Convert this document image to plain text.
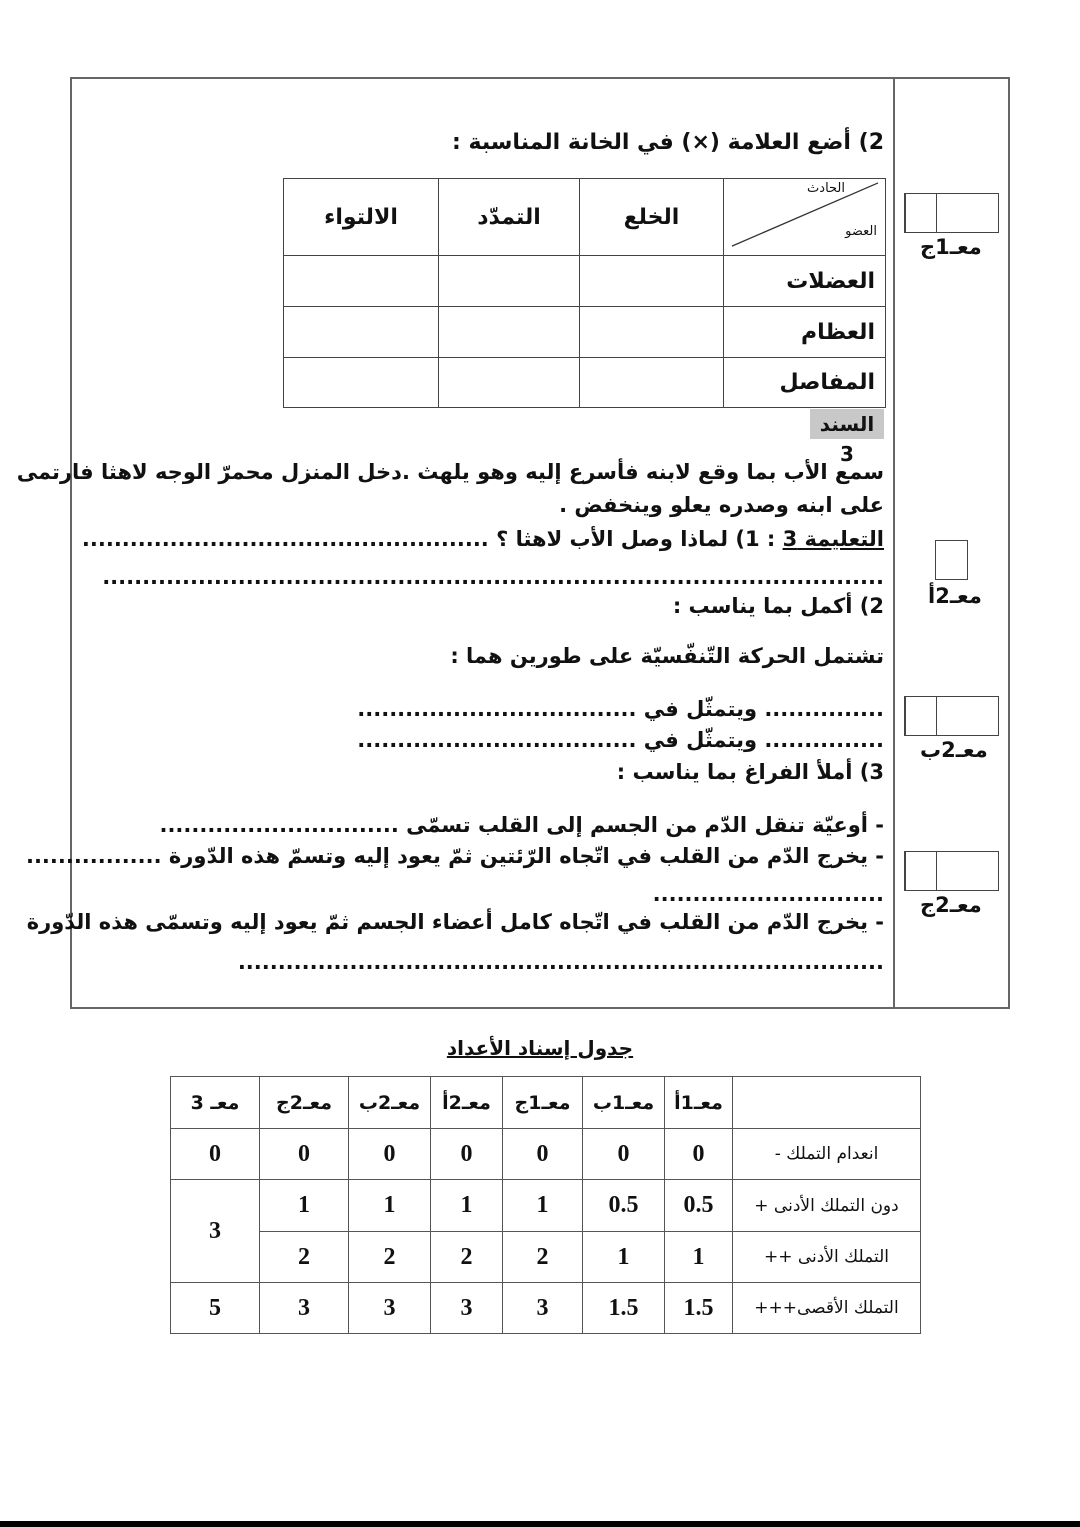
2) أضع العلامة (×) في الخانة المناسبة :
الحادث
العضو	الخلع	التمدّد	الالتواء
العضلات			
العظام			
المفاصل			
السند 3
سمع الأب بما وقع لابنه فأسرع إليه وهو يلهث .دخل المنزل محمرّ الوجه لاهثا فارتمى
على ابنه وصدره يعلو وينخفض .
التعليمة 3 : 1) لماذا وصل الأب لاهثا ؟ ...................................................
..................................................................................................
2) أكمل بما يناسب :
تشتمل الحركة التّنفّسيّة على طورين هما :
............... ويتمثّل في ...................................
............... ويتمثّل في ...................................
3) أملأ الفراغ بما يناسب :
- أوعيّة تنقل الدّم من الجسم إلى القلب تسمّى ..............................
- يخرج الدّم من القلب في اتّجاه الرّئتين ثمّ يعود إليه وتسمّ هذه الدّورة .................
.............................
- يخرج الدّم من القلب في اتّجاه كامل أعضاء الجسم ثمّ يعود إليه وتسمّى هذه الدّورة
.................................................................................
معـ1ج
معـ2أ
معـ2ب
معـ2ج
جدول إسناد الأعداد
	معـ1أ	معـ1ب	معـ1ج	معـ2أ	معـ2ب	معـ2ج	معـ 3
انعدام التملك -	0	0	0	0	0	0	0
دون التملك الأدنى +	0.5	0.5	1	1	1	1	3
التملك الأدنى ++	1	1	2	2	2	2	
التملك الأقصى+++	1.5	1.5	3	3	3	3	5
